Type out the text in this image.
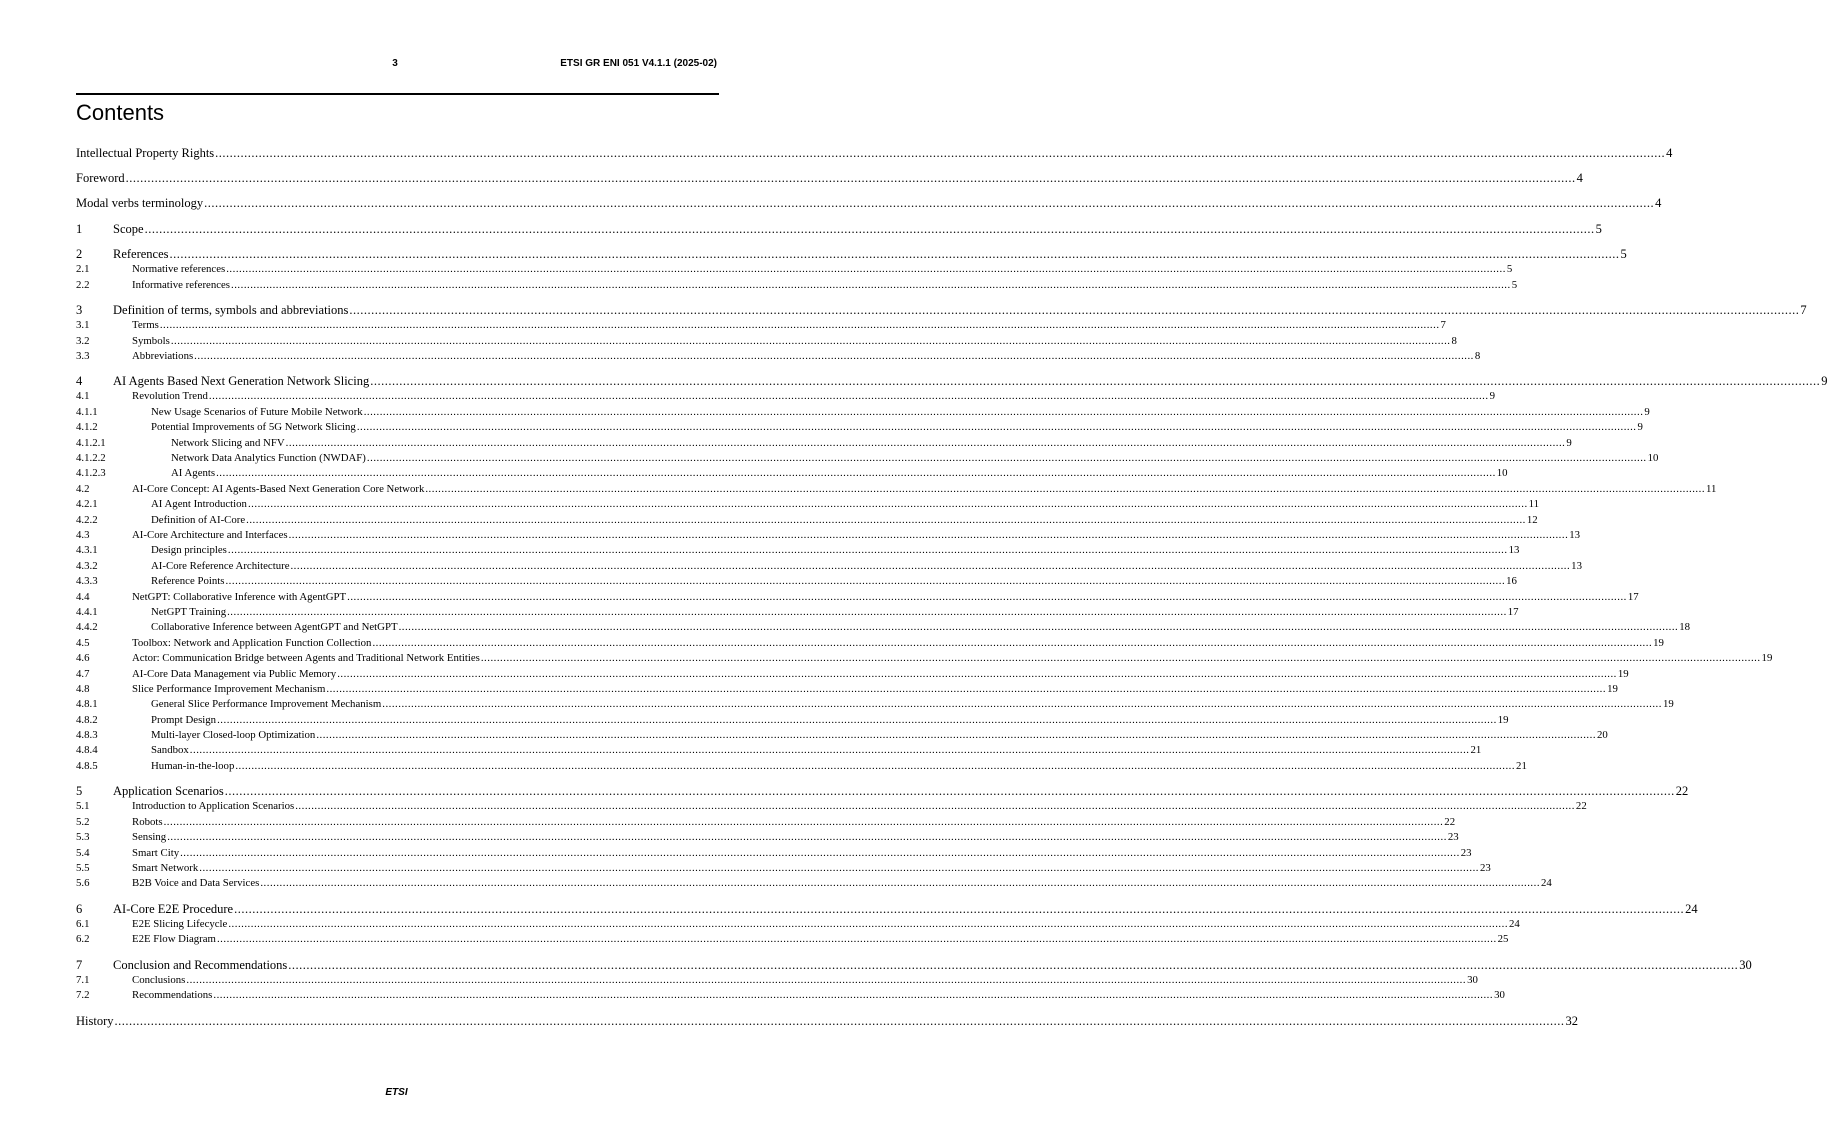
3	ETSI GR ENI 051 V4.1.1 (2025-02)
Contents
Intellectual Property Rights ................................................................................................................................................................................................................................................................................................................................................................................................................ 4
Foreword ................................................................................................................................................................................................................................................................................................................................................................................................................ 4
Modal verbs terminology ................................................................................................................................................................................................................................................................................................................................................................................................................ 4
1	Scope ................................................................................................................................................................................................................................................................................................................................................................................................................ 5
2	References ................................................................................................................................................................................................................................................................................................................................................................................................................ 5
2.1	Normative references ................................................................................................................................................................................................................................................................................................................................................................................................................ 5
2.2	Informative references ................................................................................................................................................................................................................................................................................................................................................................................................................ 5
3	Definition of terms, symbols and abbreviations ................................................................................................................................................................................................................................................................................................................................................................................................................ 7
3.1	Terms ................................................................................................................................................................................................................................................................................................................................................................................................................ 7
3.2	Symbols ................................................................................................................................................................................................................................................................................................................................................................................................................ 8
3.3	Abbreviations ................................................................................................................................................................................................................................................................................................................................................................................................................ 8
4	AI Agents Based Next Generation Network Slicing ................................................................................................................................................................................................................................................................................................................................................................................................................ 9
4.1	Revolution Trend ................................................................................................................................................................................................................................................................................................................................................................................................................ 9
4.1.1	New Usage Scenarios of Future Mobile Network ................................................................................................................................................................................................................................................................................................................................................................................................................ 9
4.1.2	Potential Improvements of 5G Network Slicing ................................................................................................................................................................................................................................................................................................................................................................................................................ 9
4.1.2.1	Network Slicing and NFV ................................................................................................................................................................................................................................................................................................................................................................................................................ 9
4.1.2.2	Network Data Analytics Function (NWDAF) ................................................................................................................................................................................................................................................................................................................................................................................................................ 10
4.1.2.3	AI Agents ................................................................................................................................................................................................................................................................................................................................................................................................................ 10
4.2	AI-Core Concept: AI Agents-Based Next Generation Core Network ................................................................................................................................................................................................................................................................................................................................................................................................................ 11
4.2.1	AI Agent Introduction ................................................................................................................................................................................................................................................................................................................................................................................................................ 11
4.2.2	Definition of AI-Core ................................................................................................................................................................................................................................................................................................................................................................................................................ 12
4.3	AI-Core Architecture and Interfaces ................................................................................................................................................................................................................................................................................................................................................................................................................ 13
4.3.1	Design principles ................................................................................................................................................................................................................................................................................................................................................................................................................ 13
4.3.2	AI-Core Reference Architecture ................................................................................................................................................................................................................................................................................................................................................................................................................ 13
4.3.3	Reference Points ................................................................................................................................................................................................................................................................................................................................................................................................................ 16
4.4	NetGPT: Collaborative Inference with AgentGPT ................................................................................................................................................................................................................................................................................................................................................................................................................ 17
4.4.1	NetGPT Training ................................................................................................................................................................................................................................................................................................................................................................................................................ 17
4.4.2	Collaborative Inference between AgentGPT and NetGPT ................................................................................................................................................................................................................................................................................................................................................................................................................ 18
4.5	Toolbox: Network and Application Function Collection ................................................................................................................................................................................................................................................................................................................................................................................................................ 19
4.6	Actor: Communication Bridge between Agents and Traditional Network Entities ................................................................................................................................................................................................................................................................................................................................................................................................................ 19
4.7	AI-Core Data Management via Public Memory ................................................................................................................................................................................................................................................................................................................................................................................................................ 19
4.8	Slice Performance Improvement Mechanism ................................................................................................................................................................................................................................................................................................................................................................................................................ 19
4.8.1	General Slice Performance Improvement Mechanism ................................................................................................................................................................................................................................................................................................................................................................................................................ 19
4.8.2	Prompt Design ................................................................................................................................................................................................................................................................................................................................................................................................................ 19
4.8.3	Multi-layer Closed-loop Optimization ................................................................................................................................................................................................................................................................................................................................................................................................................ 20
4.8.4	Sandbox ................................................................................................................................................................................................................................................................................................................................................................................................................ 21
4.8.5	Human-in-the-loop ................................................................................................................................................................................................................................................................................................................................................................................................................ 21
5	Application Scenarios ................................................................................................................................................................................................................................................................................................................................................................................................................ 22
5.1	Introduction to Application Scenarios ................................................................................................................................................................................................................................................................................................................................................................................................................ 22
5.2	Robots ................................................................................................................................................................................................................................................................................................................................................................................................................ 22
5.3	Sensing ................................................................................................................................................................................................................................................................................................................................................................................................................ 23
5.4	Smart City ................................................................................................................................................................................................................................................................................................................................................................................................................ 23
5.5	Smart Network ................................................................................................................................................................................................................................................................................................................................................................................................................ 23
5.6	B2B Voice and Data Services ................................................................................................................................................................................................................................................................................................................................................................................................................ 24
6	AI-Core E2E Procedure ................................................................................................................................................................................................................................................................................................................................................................................................................ 24
6.1	E2E Slicing Lifecycle ................................................................................................................................................................................................................................................................................................................................................................................................................ 24
6.2	E2E Flow Diagram ................................................................................................................................................................................................................................................................................................................................................................................................................ 25
7	Conclusion and Recommendations ................................................................................................................................................................................................................................................................................................................................................................................................................ 30
7.1	Conclusions ................................................................................................................................................................................................................................................................................................................................................................................................................ 30
7.2	Recommendations ................................................................................................................................................................................................................................................................................................................................................................................................................ 30
History ................................................................................................................................................................................................................................................................................................................................................................................................................ 32
ETSI
